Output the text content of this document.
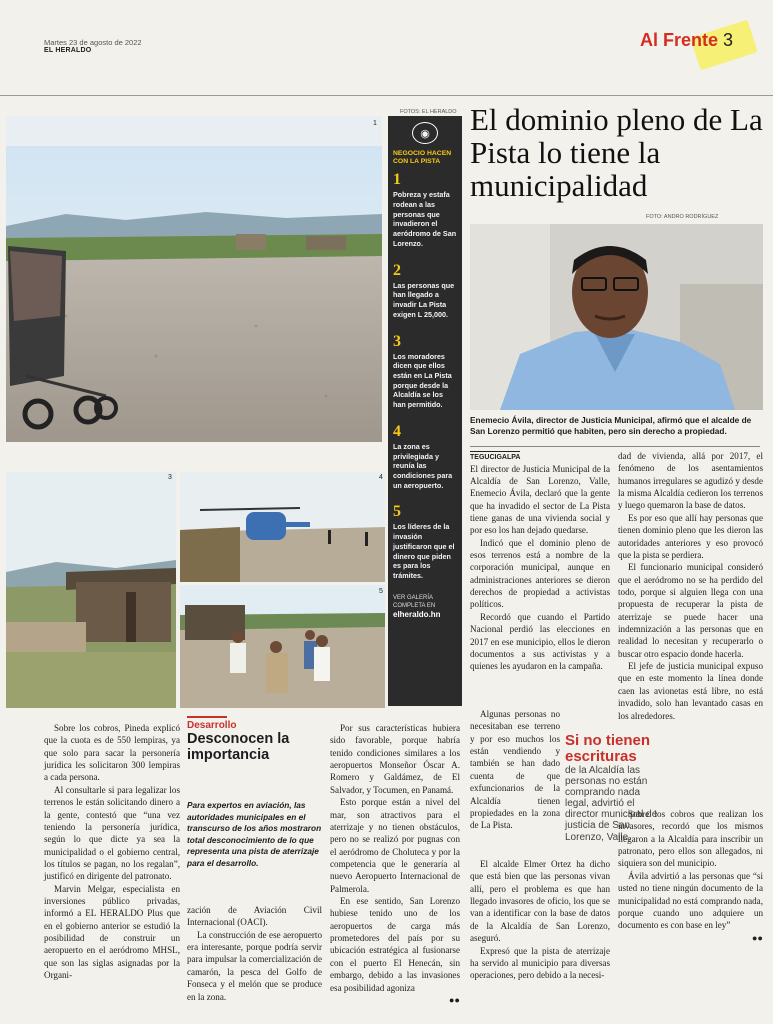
Martes 23 de agosto de 2022
EL HERALDO
Al Frente 3
FOTOS: EL HERALDO
1
3	4
5
◉
NEGOCIO HACEN CON LA PISTA
1
Pobreza y estafa rodean a las personas que invadieron el aeródromo de San Lorenzo.
2
Las personas que han llegado a invadir La Pista exigen L 25,000.
3
Los moradores dicen que ellos están en La Pista porque desde la Alcaldía se los han permitido.
4
La zona es privilegiada y reunía las condiciones para un aeropuerto.
5
Los líderes de la invasión justificaron que el dinero que piden es para los trámites.
VER GALERÍA COMPLETA EN
elheraldo.hn
El dominio pleno de La Pista lo tiene la municipalidad
FOTO: ANDRO RODRÍGUEZ
Enemecio Ávila, director de Justicia Municipal, afirmó que el alcalde de San Lorenzo permitió que habiten, pero sin derecho a propiedad.
TEGUCIGALPA

El director de Justicia Municipal de la Alcaldía de San Lorenzo, Valle, Enemecio Ávila, declaró que la gente que ha invadido el sector de La Pista tiene ganas de una vivienda social y por eso los han dejado quedarse.

Indicó que el dominio pleno de esos terrenos está a nombre de la corporación municipal, aunque en administraciones anteriores se dieron derechos de propiedad a activistas políticos.

Recordó que cuando el Partido Nacional perdió las elecciones en 2017 en ese municipio, ellos le dieron documentos a sus activistas y a quienes les ayudaron en la campaña.

Algunas personas no necesitaban ese terreno y por eso muchos los están vendiendo y también se han dado cuenta de que exfuncionarios de la Alcaldía tienen propiedades en la zona de La Pista.

El alcalde Elmer Ortez ha dicho que está bien que las personas vivan allí, pero el problema es que han llegado invasores de oficio, los que se van a identificar con la base de datos de la Alcaldía de San Lorenzo, aseguró.

Expresó que la pista de aterrizaje ha servido al municipio para diversas operaciones, pero debido a la necesi-

Si no tienen escrituras
de la Alcaldía las personas no están comprando nada legal, advirtió el director municipal de justicia de San Lorenzo, Valle.

dad de vivienda, allá por 2017, el fenómeno de los asentamientos humanos irregulares se agudizó y desde la misma Alcaldía cedieron los terrenos y luego quemaron la base de datos.

Es por eso que allí hay personas que tienen dominio pleno que les dieron las autoridades anteriores y eso provocó que la pista se perdiera.

El funcionario municipal consideró que el aeródromo no se ha perdido del todo, porque si alguien llega con una propuesta de recuperar la pista de aterrizaje se puede hacer una indemnización a las personas que en realidad lo necesitan y recuperarlo o buscar otro espacio donde hacerla.

El jefe de justicia municipal expuso que en este momento la línea donde caen las avionetas está libre, no está invadido, solo han levantado casas en los alrededores.

Sobre los cobros que realizan los invasores, recordó que los mismos llegaron a la Alcaldía para inscribir un patronato, pero ellos son allegados, ni siquiera son del municipio.

Ávila advirtió a las personas que “si usted no tiene ningún documento de la municipalidad no está comprando nada, porque cuando uno adquiere un documento es con base en ley”

●●

Sobre los cobros, Pineda explicó que la cuota es de 550 lempiras, ya que solo para sacar la personería jurídica les solicitaron 300 lempiras a cada persona.

Al consultarle si para legalizar los terrenos le están solicitando dinero a la gente, contestó que “una vez teniendo la personería jurídica, según lo que dicte ya sea la municipalidad o el gobierno central, los títulos se pagan, no los regalan”, justificó en dirigente del patronato.

Marvin Melgar, especialista en inversiones público privadas, informó a EL HERALDO Plus que en el gobierno anterior se estudió la posibilidad de construir un aeropuerto en el aeródromo MHSL, que son las siglas asignadas por la Organi-

Desarrollo
Desconocen la importancia
Para expertos en aviación, las autoridades municipales en el transcurso de los años mostraron total desconocimiento de lo que representa una pista de aterrizaje para el desarrollo.

zación de Aviación Civil Internacional (OACI).

La construcción de ese aeropuerto era interesante, porque podría servir para impulsar la comercialización de camarón, la pesca del Golfo de Fonseca y el melón que se produce en la zona.

Por sus características hubiera sido favorable, porque habría tenido condiciones similares a los aeropuertos Monseñor Óscar A. Romero y Galdámez, de El Salvador, y Tocumen, en Panamá.

Esto porque están a nivel del mar, son atractivos para el aterrizaje y no tienen obstáculos, pero no se realizó por pugnas con el aeródromo de Choluteca y por la competencia que le generaría al nuevo Aeropuerto Internacional de Palmerola.

En ese sentido, San Lorenzo hubiese tenido uno de los aeropuertos de carga más prometedores del país por su ubicación estratégica al fusionarse con el puerto El Henecán, sin embargo, debido a las invasiones esa posibilidad agoniza

●●
